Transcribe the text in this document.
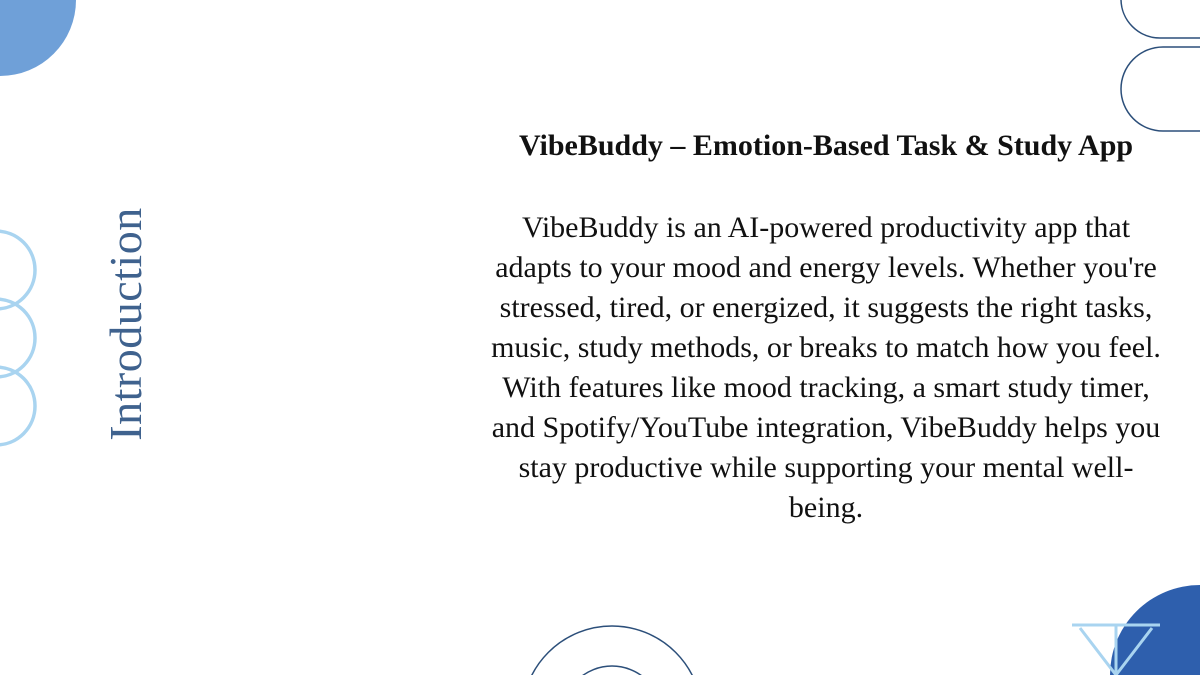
Introduction
VibeBuddy – Emotion-Based Task & Study App

VibeBuddy is an AI-powered productivity app that adapts to your mood and energy levels. Whether you're stressed, tired, or energized, it suggests the right tasks, music, study methods, or breaks to match how you feel. With features like mood tracking, a smart study timer, and Spotify/YouTube integration, VibeBuddy helps you stay productive while supporting your mental well-being.
